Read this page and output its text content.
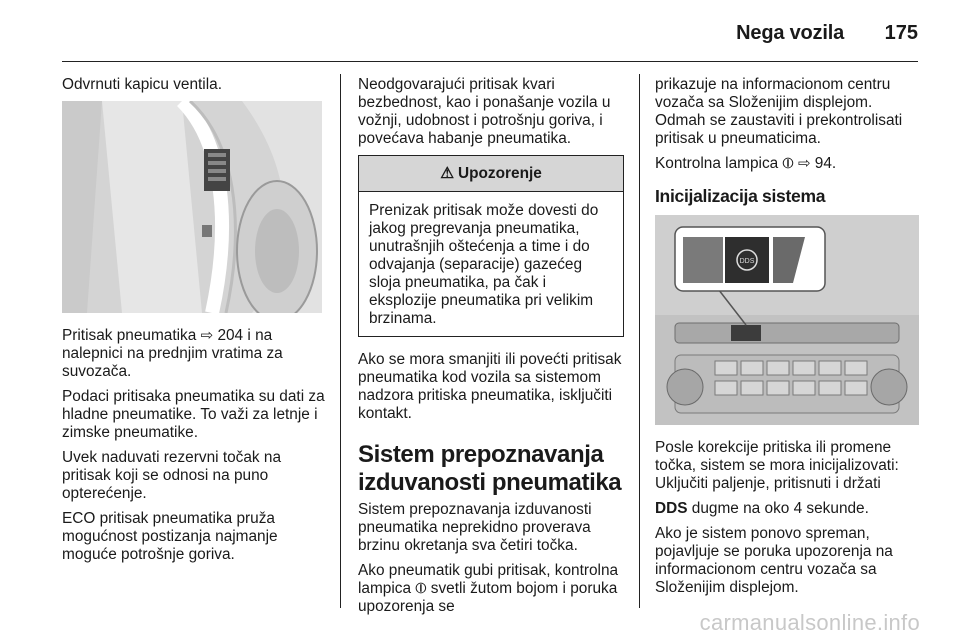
Nega vozila 175

Odvrnuti kapicu ventila.

Pritisak pneumatika ⇨ 204 i na nalepnici na prednjim vratima za suvozača.

Podaci pritisaka pneumatika su dati za hladne pneumatike. To važi za letnje i zimske pneumatike.

Uvek naduvati rezervni točak na pritisak koji se odnosi na puno opterećenje.

ECO pritisak pneumatika pruža mogućnost postizanja najmanje moguće potrošnje goriva.

Neodgovarajući pritisak kvari bezbednost, kao i ponašanje vozila u vožnji, udobnost i potrošnju goriva, i povećava habanje pneumatika.

⚠ Upozorenje
Prenizak pritisak može dovesti do jakog pregrevanja pneumatika, unutrašnjih oštećenja a time i do odvajanja (separacije) gazećeg sloja pneumatika, pa čak i eksplozije pneumatika pri velikim brzinama.

Ako se mora smanjiti ili povećti pritisak pneumatika kod vozila sa sistemom nadzora pritiska pneumatika, isključiti kontakt.

Sistem prepoznavanja izduvanosti pneumatika

Sistem prepoznavanja izduvanosti pneumatika neprekidno proverava brzinu okretanja sva četiri točka.

Ako pneumatik gubi pritisak, kontrolna lampica ⦶ svetli žutom bojom i poruka upozorenja se

prikazuje na informacionom centru vozača sa Složenijim displejom. Odmah se zaustaviti i prekontrolisati pritisak u pneumaticima.

Kontrolna lampica ⦶ ⇨ 94.

Inicijalizacija sistema
DDS

Posle korekcije pritiska ili promene točka, sistem se mora inicijalizovati: Uključiti paljenje, pritisnuti i držati

DDS dugme na oko 4 sekunde.

Ako je sistem ponovo spreman, pojavljuje se poruka upozorenja na informacionom centru vozača sa Složenijim displejom.

carmanualsonline.info
